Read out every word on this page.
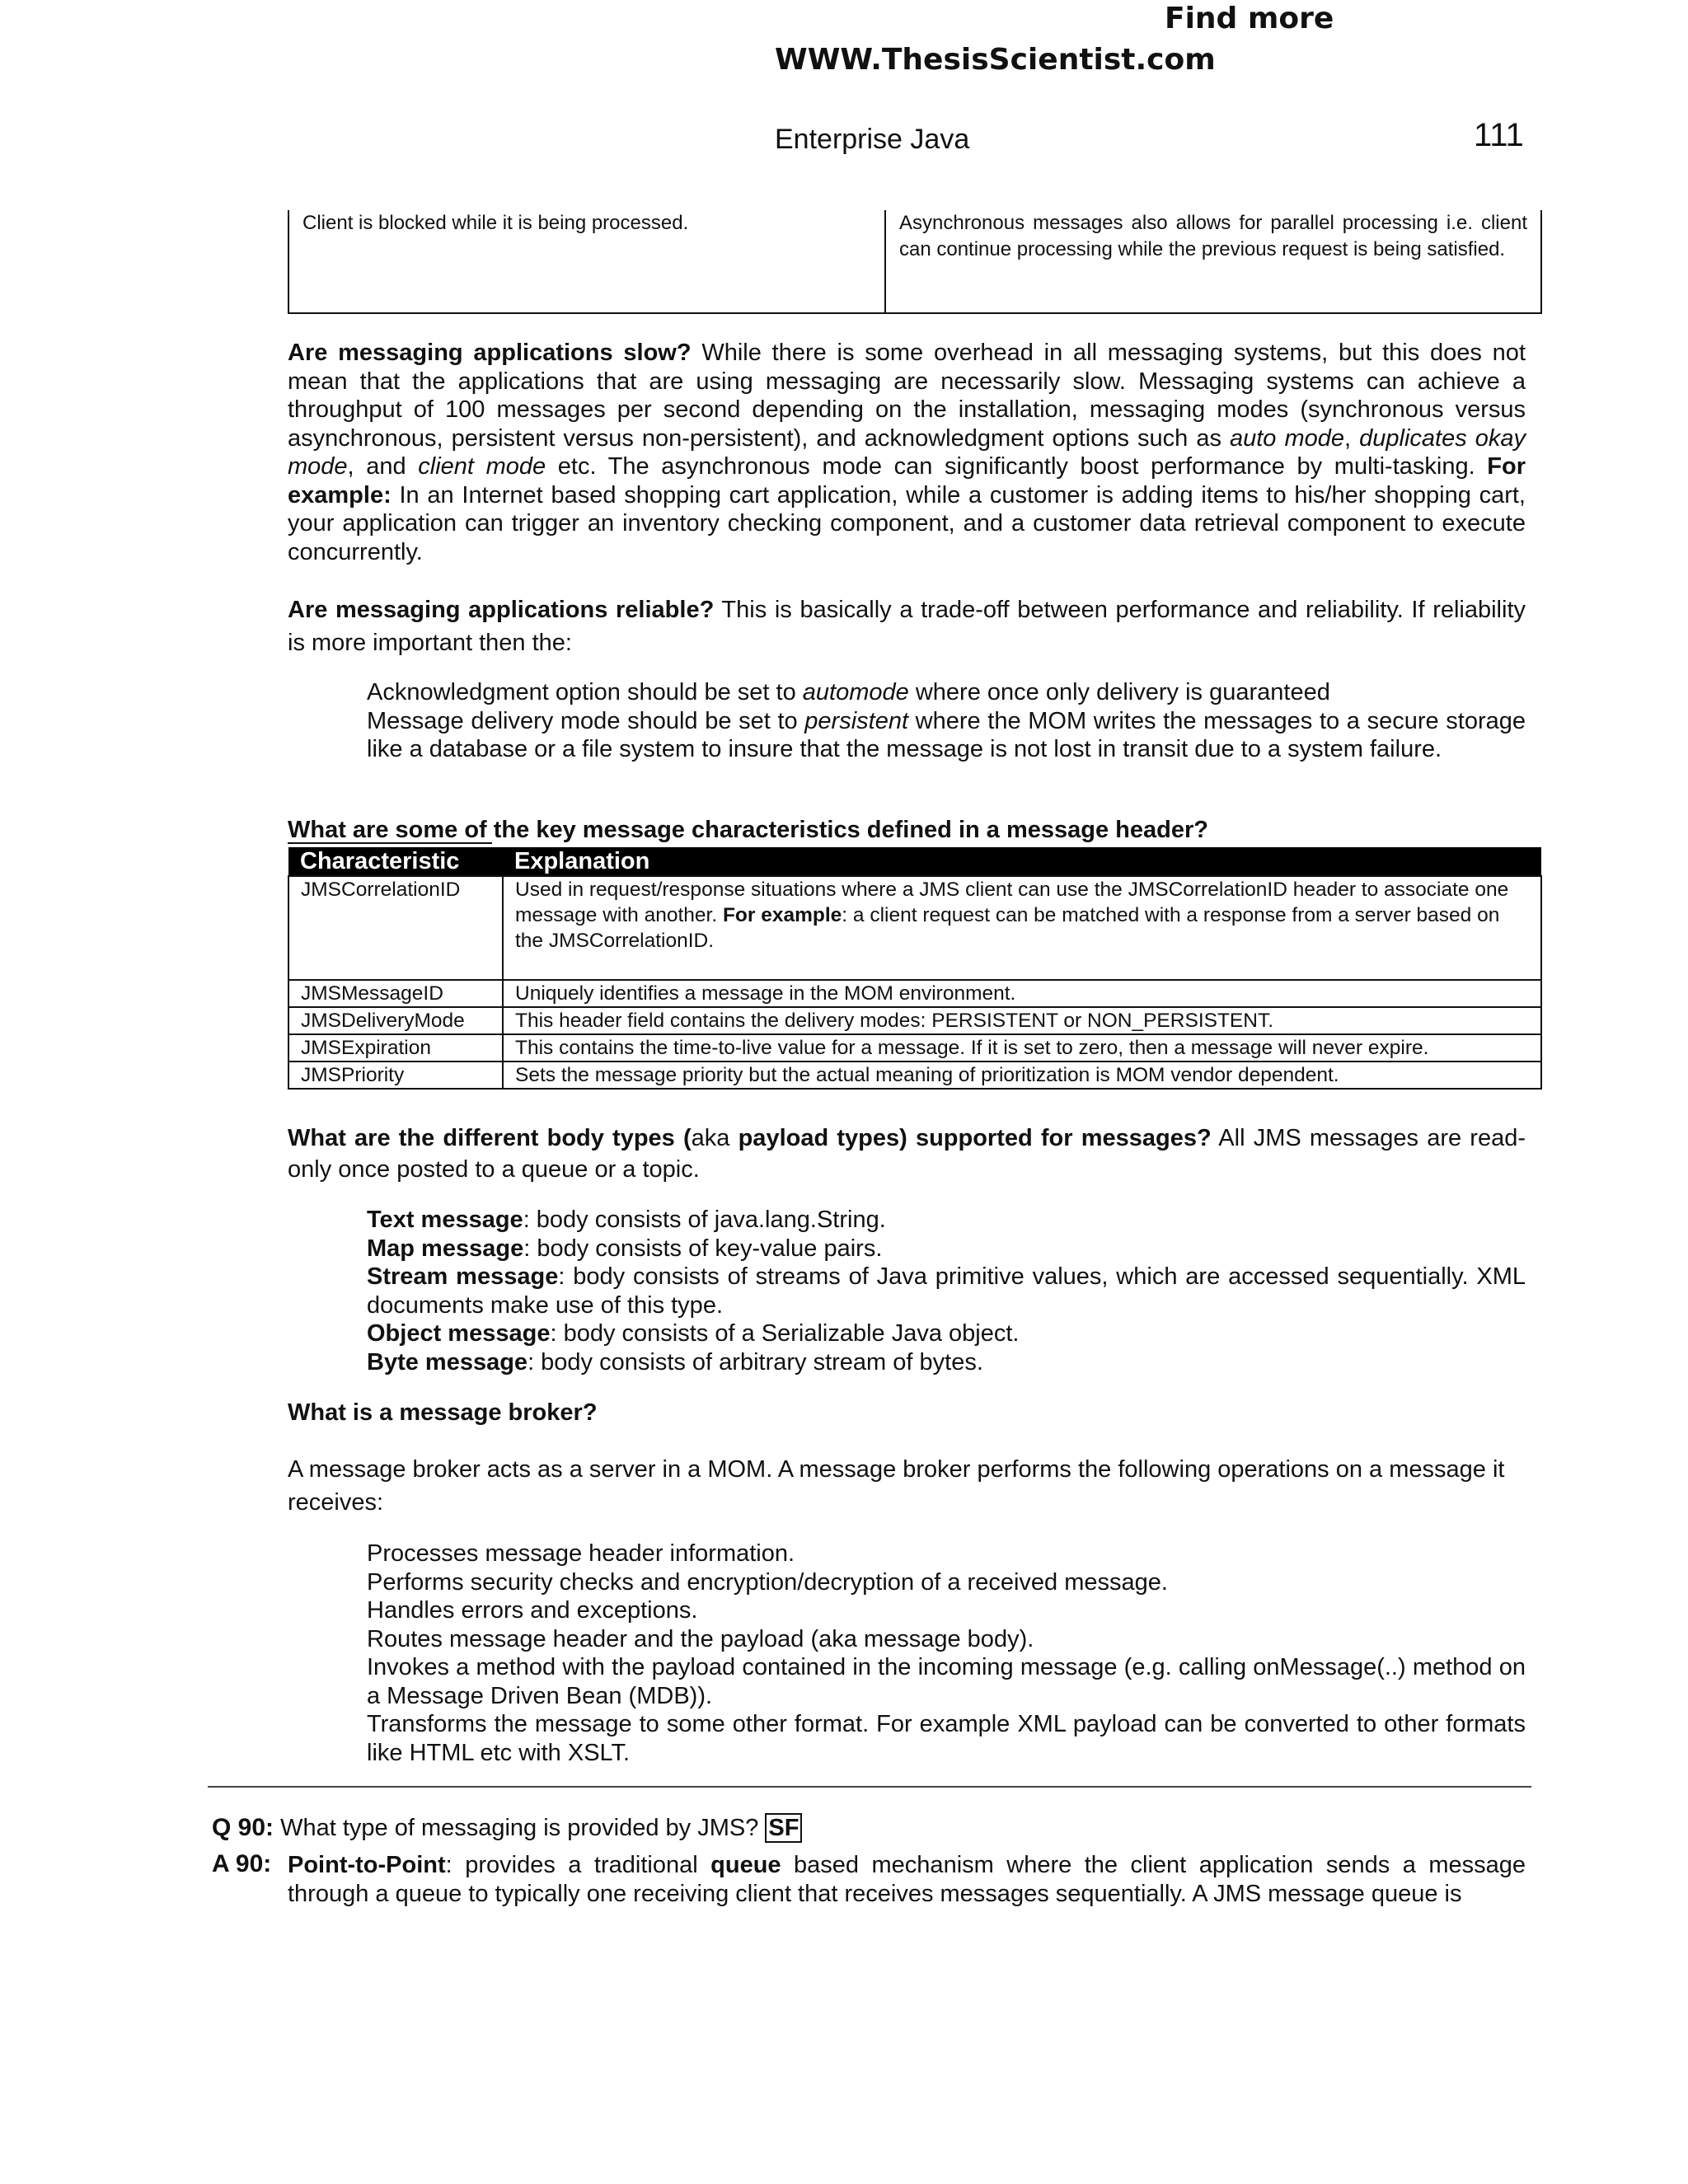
Find more
WWW.ThesisScientist.com
Enterprise Java	111
Client is blocked while it is being processed.	Asynchronous messages also allows for parallel processing i.e. client can continue processing while the previous request is being satisfied.
Are messaging applications slow? While there is some overhead in all messaging systems, but this does not mean that the applications that are using messaging are necessarily slow. Messaging systems can achieve a throughput of 100 messages per second depending on the installation, messaging modes (synchronous versus asynchronous, persistent versus non-persistent), and acknowledgment options such as auto mode, duplicates okay mode, and client mode etc. The asynchronous mode can significantly boost performance by multi-tasking. For example: In an Internet based shopping cart application, while a customer is adding items to his/her shopping cart, your application can trigger an inventory checking component, and a customer data retrieval component to execute concurrently.
Are messaging applications reliable? This is basically a trade-off between performance and reliability. If reliability is more important then the:

Acknowledgment option should be set to automode where once only delivery is guaranteed

Message delivery mode should be set to persistent where the MOM writes the messages to a secure storage like a database or a file system to insure that the message is not lost in transit due to a system failure.

What are some of the key message characteristics defined in a message header?
Characteristic	Explanation
JMSCorrelationID	Used in request/response situations where a JMS client can use the JMSCorrelationID header to associate one message with another. For example: a client request can be matched with a response from a server based on the JMSCorrelationID.
JMSMessageID	Uniquely identifies a message in the MOM environment.
JMSDeliveryMode	This header field contains the delivery modes: PERSISTENT or NON_PERSISTENT.
JMSExpiration	This contains the time-to-live value for a message. If it is set to zero, then a message will never expire.
JMSPriority	Sets the message priority but the actual meaning of prioritization is MOM vendor dependent.
What are the different body types (aka payload types) supported for messages? All JMS messages are read-only once posted to a queue or a topic.

Text message: body consists of java.lang.String.

Map message: body consists of key-value pairs.

Stream message: body consists of streams of Java primitive values, which are accessed sequentially. XML documents make use of this type.

Object message: body consists of a Serializable Java object.

Byte message: body consists of arbitrary stream of bytes.

What is a message broker?
A message broker acts as a server in a MOM. A message broker performs the following operations on a message it receives:

Processes message header information.

Performs security checks and encryption/decryption of a received message.

Handles errors and exceptions.

Routes message header and the payload (aka message body).

Invokes a method with the payload contained in the incoming message (e.g. calling onMessage(..) method on a Message Driven Bean (MDB)).

Transforms the message to some other format. For example XML payload can be converted to other formats like HTML etc with XSLT.

Q 90: What type of messaging is provided by JMS? SF
A 90: Point-to-Point: provides a traditional queue based mechanism where the client application sends a message through a queue to typically one receiving client that receives messages sequentially. A JMS message queue is
